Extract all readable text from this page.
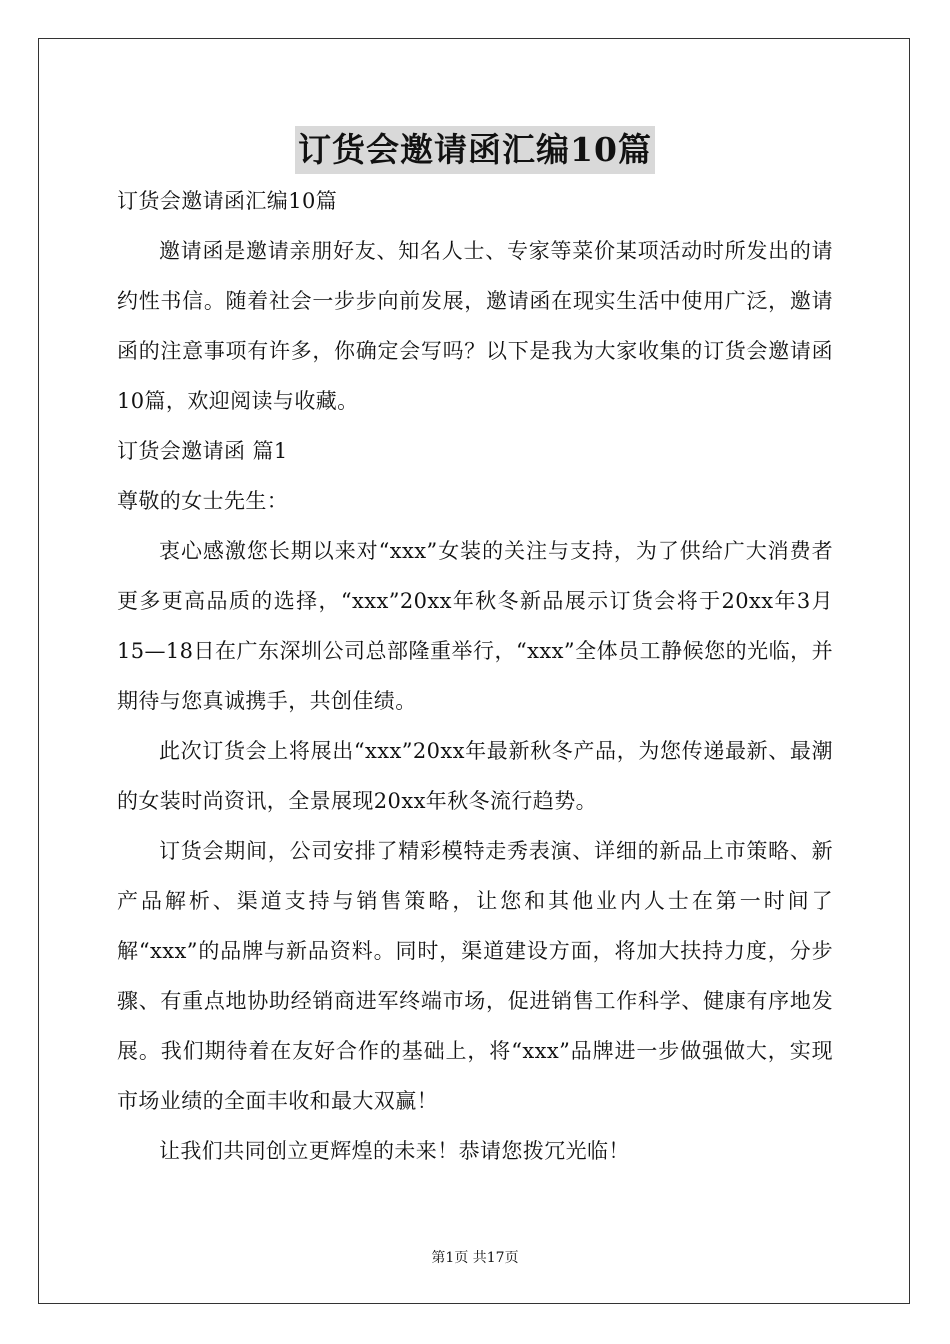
订货会邀请函汇编10篇

订货会邀请函汇编10篇

邀请函是邀请亲朋好友、知名人士、专家等菜价某项活动时所发出的请约性书信。随着社会一步步向前发展，邀请函在现实生活中使用广泛，邀请函的注意事项有许多，你确定会写吗？以下是我为大家收集的订货会邀请函10篇，欢迎阅读与收藏。

订货会邀请函 篇1

尊敬的女士先生：

衷心感激您长期以来对“xxx”女装的关注与支持，为了供给广大消费者更多更高品质的选择，“xxx”20xx年秋冬新品展示订货会将于20xx年3月15—18日在广东深圳公司总部隆重举行，“xxx”全体员工静候您的光临，并期待与您真诚携手，共创佳绩。

此次订货会上将展出“xxx”20xx年最新秋冬产品，为您传递最新、最潮的女装时尚资讯，全景展现20xx年秋冬流行趋势。

订货会期间，公司安排了精彩模特走秀表演、详细的新品上市策略、新产品解析、渠道支持与销售策略，让您和其他业内人士在第一时间了解“xxx”的品牌与新品资料。同时，渠道建设方面，将加大扶持力度，分步骤、有重点地协助经销商进军终端市场，促进销售工作科学、健康有序地发展。我们期待着在友好合作的基础上，将“xxx”品牌进一步做强做大，实现市场业绩的全面丰收和最大双赢！

让我们共同创立更辉煌的未来！恭请您拨冗光临！

第1页 共17页
